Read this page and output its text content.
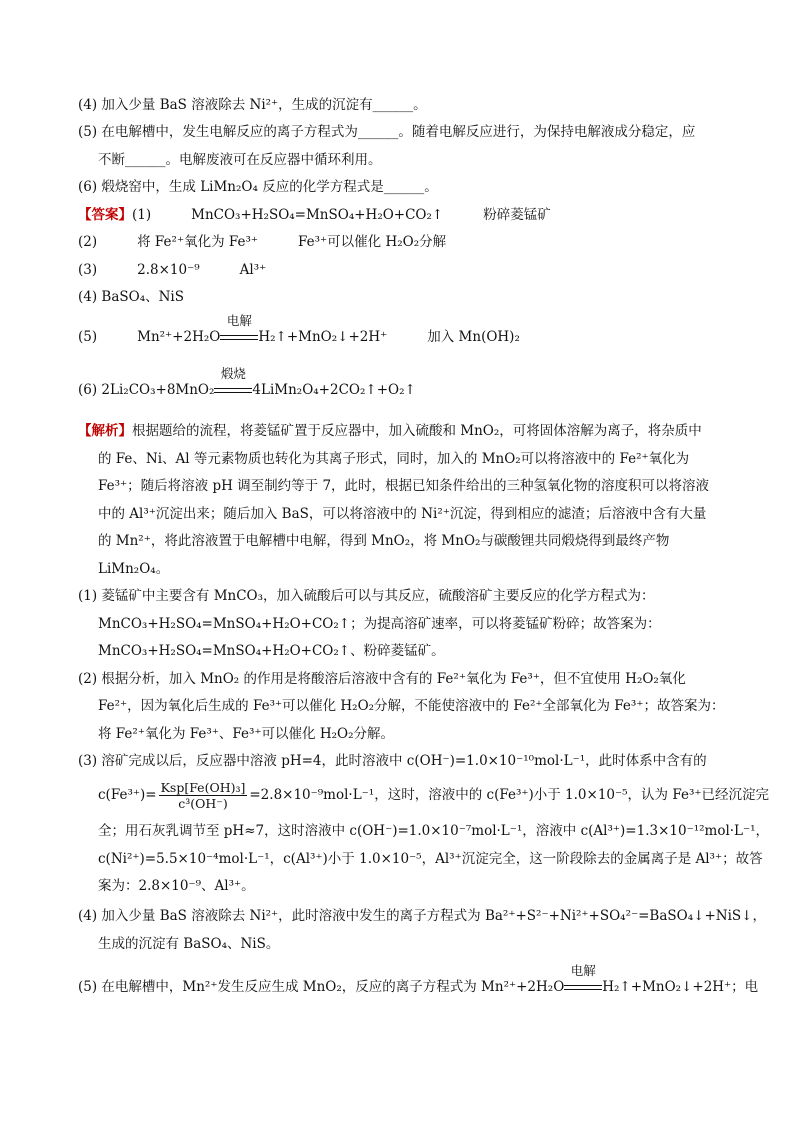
(4) 加入少量 BaS 溶液除去 Ni²⁺，生成的沉淀有______。
(5) 在电解槽中，发生电解反应的离子方程式为______。随着电解反应进行，为保持电解液成分稳定，应
不断______。电解废液可在反应器中循环利用。
(6) 煅烧窑中，生成 LiMn₂O₄ 反应的化学方程式是______。
【答案】(1)	MnCO₃+H₂SO₄=MnSO₄+H₂O+CO₂↑	粉碎菱锰矿
(2)	将 Fe²⁺氧化为 Fe³⁺	Fe³⁺可以催化 H₂O₂分解
(3)	2.8×10⁻⁹	Al³⁺
(4) BaSO₄、NiS
(5)	Mn²⁺+2H₂O
电解
H₂↑+MnO₂↓+2H⁺	加入 Mn(OH)₂
(6) 2Li₂CO₃+8MnO₂
煅烧
4LiMn₂O₄+2CO₂↑+O₂↑
【解析】根据题给的流程，将菱锰矿置于反应器中，加入硫酸和 MnO₂，可将固体溶解为离子，将杂质中
的 Fe、Ni、Al 等元素物质也转化为其离子形式，同时，加入的 MnO₂可以将溶液中的 Fe²⁺氧化为
Fe³⁺；随后将溶液 pH 调至制约等于 7，此时，根据已知条件给出的三种氢氧化物的溶度积可以将溶液
中的 Al³⁺沉淀出来；随后加入 BaS，可以将溶液中的 Ni²⁺沉淀，得到相应的滤渣；后溶液中含有大量
的 Mn²⁺，将此溶液置于电解槽中电解，得到 MnO₂，将 MnO₂与碳酸锂共同煅烧得到最终产物
LiMn₂O₄。
(1) 菱锰矿中主要含有 MnCO₃，加入硫酸后可以与其反应，硫酸溶矿主要反应的化学方程式为：
MnCO₃+H₂SO₄=MnSO₄+H₂O+CO₂↑；为提高溶矿速率，可以将菱锰矿粉碎；故答案为：
MnCO₃+H₂SO₄=MnSO₄+H₂O+CO₂↑、粉碎菱锰矿。
(2) 根据分析，加入 MnO₂ 的作用是将酸溶后溶液中含有的 Fe²⁺氧化为 Fe³⁺，但不宜使用 H₂O₂氧化
Fe²⁺，因为氧化后生成的 Fe³⁺可以催化 H₂O₂分解，不能使溶液中的 Fe²⁺全部氧化为 Fe³⁺；故答案为：
将 Fe²⁺氧化为 Fe³⁺、Fe³⁺可以催化 H₂O₂分解。
(3) 溶矿完成以后，反应器中溶液 pH=4，此时溶液中 c(OH⁻)=1.0×10⁻¹⁰mol·L⁻¹，此时体系中含有的
$c(Fe^{3+})= \frac{\text{Ksp[Fe(OH)₃]}}{\text{c³(OH⁻)}} =2.8\times 10^{-9}mol\cdot L^{-1}$，这时，溶液中的 c(Fe³⁺)小于 1.0×10⁻⁵，认为 Fe³⁺已经沉淀完
全；用石灰乳调节至 pH≈7，这时溶液中 c(OH⁻)=1.0×10⁻⁷mol·L⁻¹，溶液中 c(Al³⁺)=1.3×10⁻¹²mol·L⁻¹，
c(Ni²⁺)=5.5×10⁻⁴mol·L⁻¹，c(Al³⁺)小于 1.0×10⁻⁵，Al³⁺沉淀完全，这一阶段除去的金属离子是 Al³⁺；故答
案为：2.8×10⁻⁹、Al³⁺。
(4) 加入少量 BaS 溶液除去 Ni²⁺，此时溶液中发生的离子方程式为 Ba²⁺+S²⁻+Ni²⁺+SO₄²⁻=BaSO₄↓+NiS↓，
生成的沉淀有 BaSO₄、NiS。
(5) 在电解槽中，Mn²⁺发生反应生成 MnO₂，反应的离子方程式为 Mn²⁺+2H₂O
电解
H₂↑+MnO₂↓+2H⁺；电
